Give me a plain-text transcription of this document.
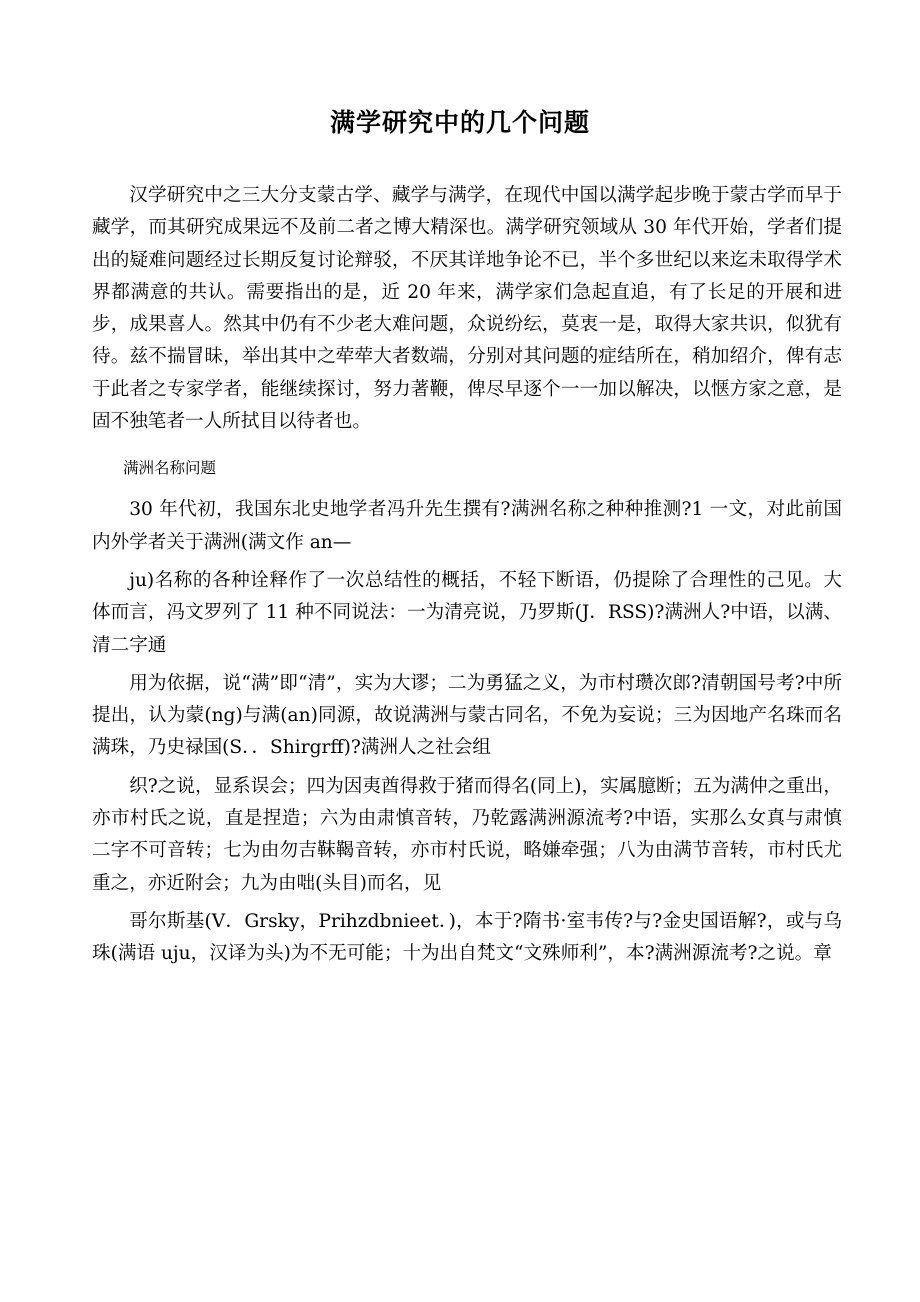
满学研究中的几个问题

汉学研究中之三大分支蒙古学、藏学与满学，在现代中国以满学起步晚于蒙古学而早于藏学，而其研究成果远不及前二者之博大精深也。满学研究领域从 30 年代开始，学者们提出的疑难问题经过长期反复讨论辩驳，不厌其详地争论不已，半个多世纪以来迄未取得学术界都满意的共认。需要指出的是，近 20 年来，满学家们急起直追，有了长足的开展和进步，成果喜人。然其中仍有不少老大难问题，众说纷纭，莫衷一是，取得大家共识，似犹有待。兹不揣冒昧，举出其中之荦荦大者数端，分别对其问题的症结所在，稍加绍介，俾有志于此者之专家学者，能继续探讨，努力著鞭，俾尽早逐个一一加以解决，以惬方家之意，是固不独笔者一人所拭目以待者也。

满洲名称问题

30 年代初，我国东北史地学者冯升先生撰有?满洲名称之种种推测?1 一文，对此前国内外学者关于满洲(满文作 an—

ju)名称的各种诠释作了一次总结性的概括，不轻下断语，仍提除了合理性的己见。大体而言，冯文罗列了 11 种不同说法：一为清亮说，乃罗斯(J．RSS)?满洲人?中语，以满、清二字通

用为依据，说“满”即“清”，实为大谬；二为勇猛之义，为市村瓒次郎?清朝国号考?中所提出，认为蒙(ng)与满(an)同源，故说满洲与蒙古同名，不免为妄说；三为因地产名珠而名满珠，乃史禄国(S．．Shirgrff)?满洲人之社会组

织?之说，显系误会；四为因夷酋得救于猪而得名(同上)，实属臆断；五为满仲之重出，亦市村氏之说，直是捏造；六为由肃慎音转，乃乾露满洲源流考?中语，实那么女真与肃慎二字不可音转；七为由勿吉靺鞨音转，亦市村氏说，略嫌牵强；八为由满节音转，市村氏尤重之，亦近附会；九为由咄(头目)而名，见

哥尔斯基(V．Grsky，Prihzdbnieet．)，本于?隋书·室韦传?与?金史国语解?，或与乌珠(满语 uju，汉译为头)为不无可能；十为出自梵文“文殊师利”，本?满洲源流考?之说。章
